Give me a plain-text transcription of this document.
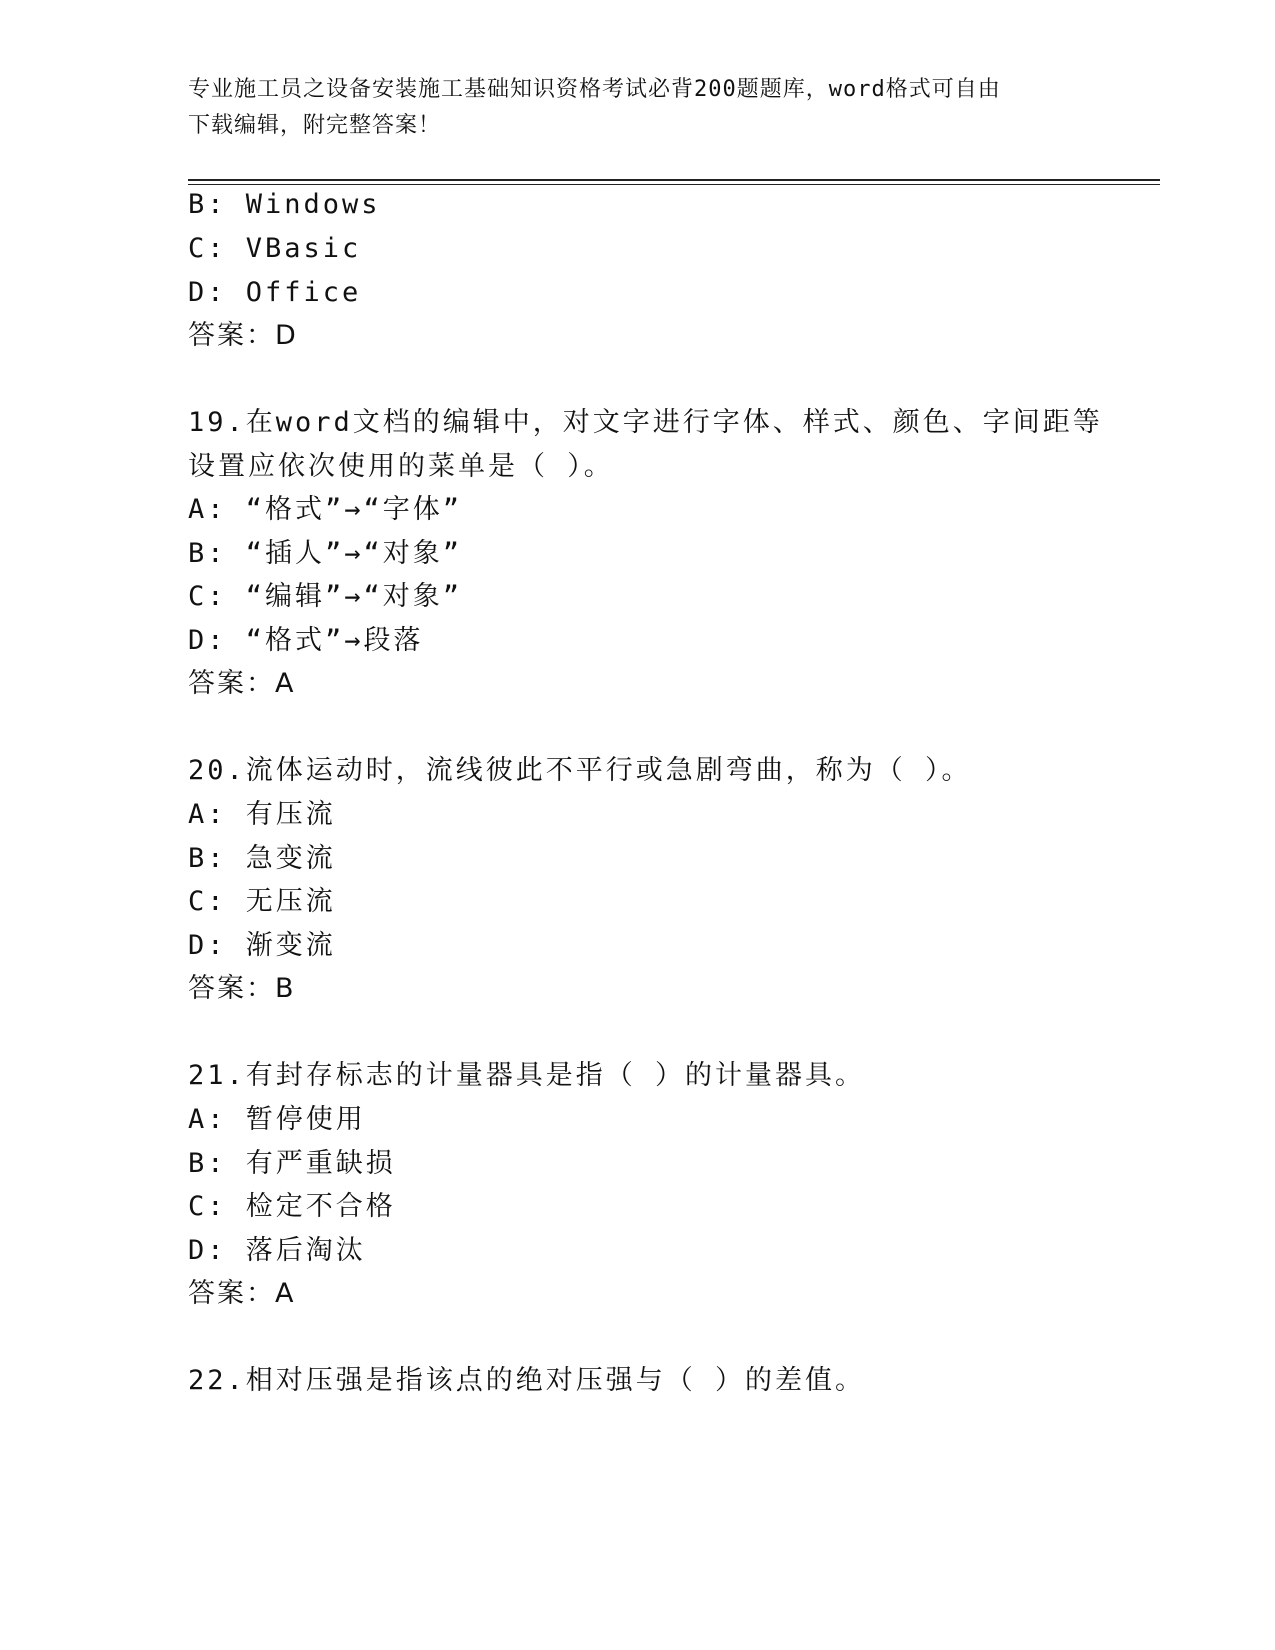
专业施工员之设备安装施工基础知识资格考试必背200题题库，word格式可自由
下载编辑，附完整答案！
B: Windows
C: VBasic
D: Office
答案：D
19.在word文档的编辑中，对文字进行字体、样式、颜色、字间距等
设置应依次使用的菜单是（ ）。
A: “格式”→“字体”
B: “插人”→“对象”
C: “编辑”→“对象”
D: “格式”→段落
答案：A
20.流体运动时，流线彼此不平行或急剧弯曲，称为（ ）。
A: 有压流
B: 急变流
C: 无压流
D: 渐变流
答案：B
21.有封存标志的计量器具是指（ ）的计量器具。
A: 暂停使用
B: 有严重缺损
C: 检定不合格
D: 落后淘汰
答案：A
22.相对压强是指该点的绝对压强与（ ）的差值。
